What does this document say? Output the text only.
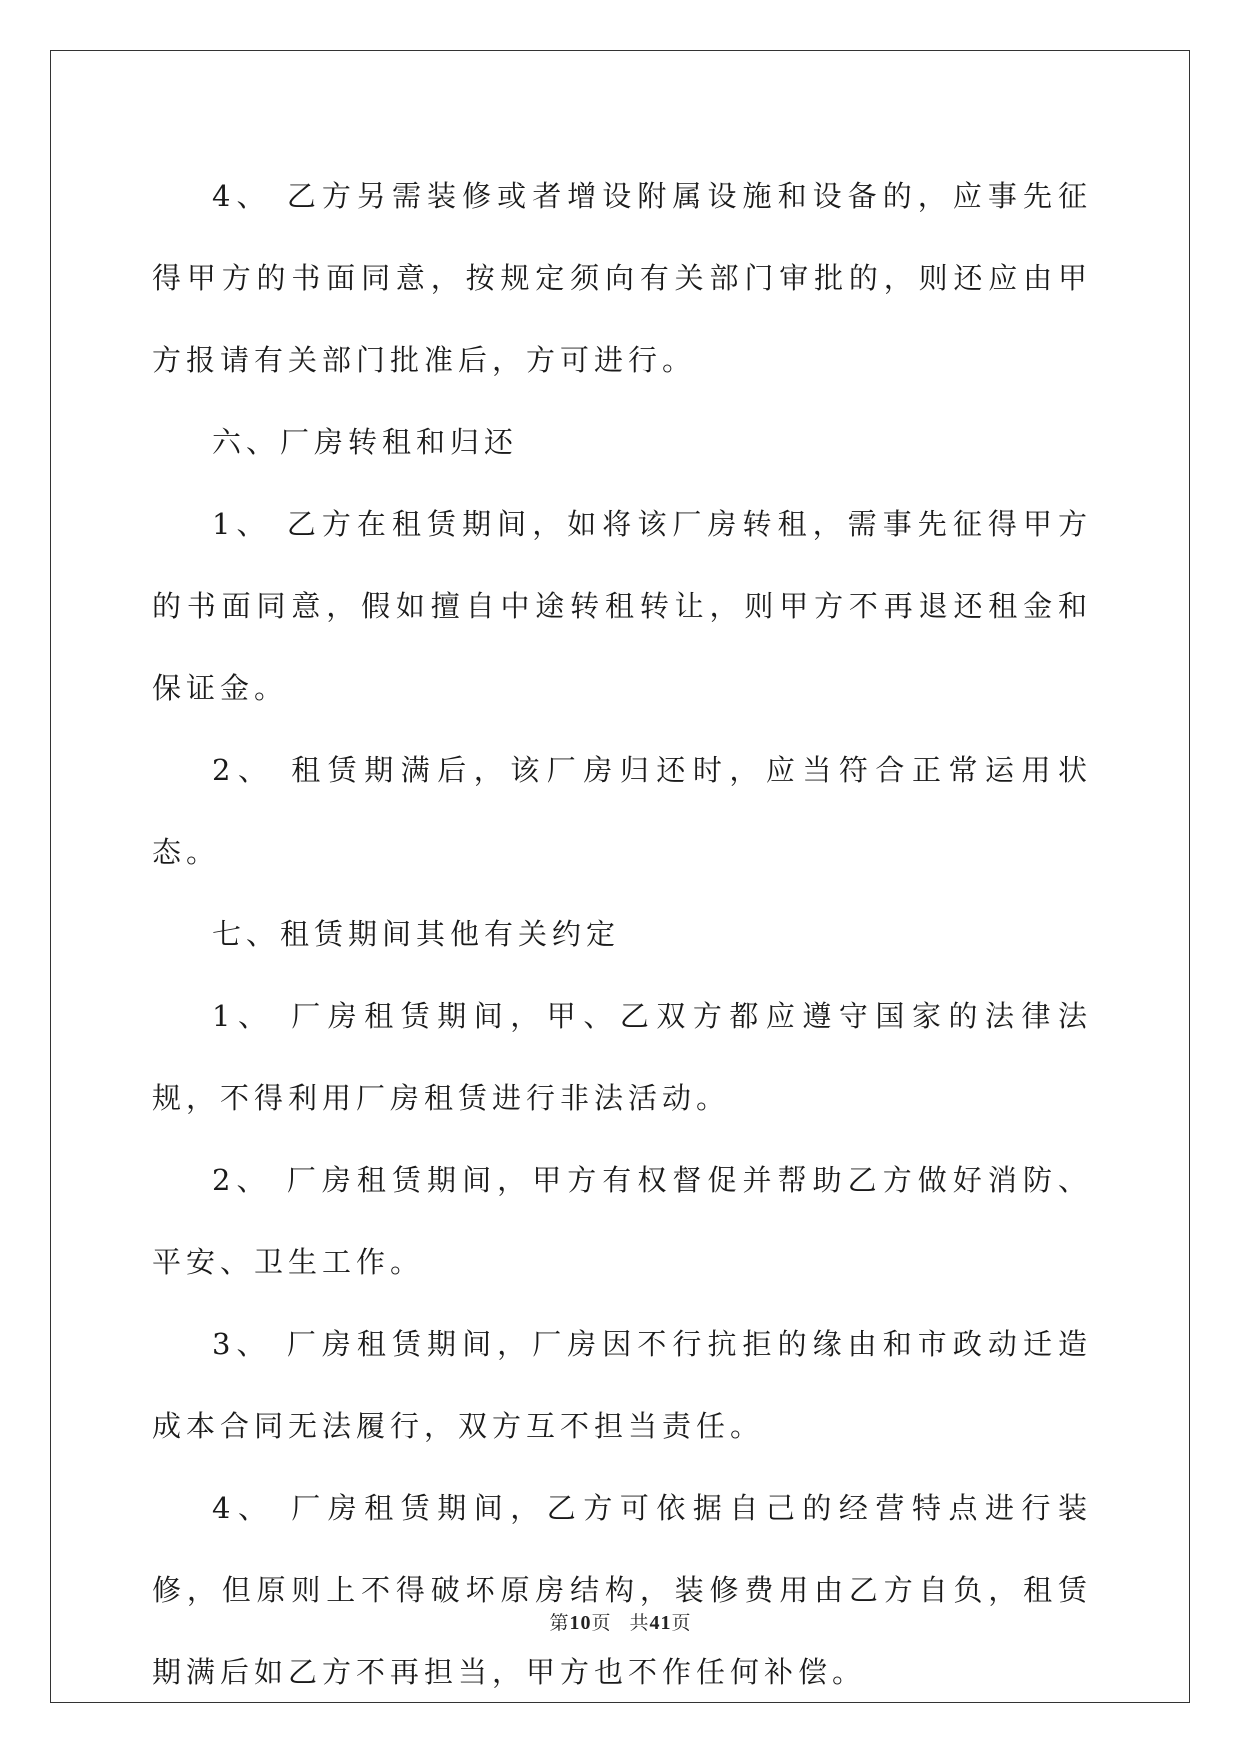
4、 乙方另需装修或者增设附属设施和设备的，应事先征得甲方的书面同意，按规定须向有关部门审批的，则还应由甲方报请有关部门批准后，方可进行。

六、厂房转租和归还

1、 乙方在租赁期间，如将该厂房转租，需事先征得甲方的书面同意，假如擅自中途转租转让，则甲方不再退还租金和保证金。

2、 租赁期满后，该厂房归还时，应当符合正常运用状态。

七、租赁期间其他有关约定

1、 厂房租赁期间，甲、乙双方都应遵守国家的法律法规，不得利用厂房租赁进行非法活动。

2、 厂房租赁期间，甲方有权督促并帮助乙方做好消防、平安、卫生工作。

3、 厂房租赁期间，厂房因不行抗拒的缘由和市政动迁造成本合同无法履行，双方互不担当责任。

4、 厂房租赁期间，乙方可依据自己的经营特点进行装修，但原则上不得破坏原房结构，装修费用由乙方自负，租赁期满后如乙方不再担当，甲方也不作任何补偿。

第10页 共41页
